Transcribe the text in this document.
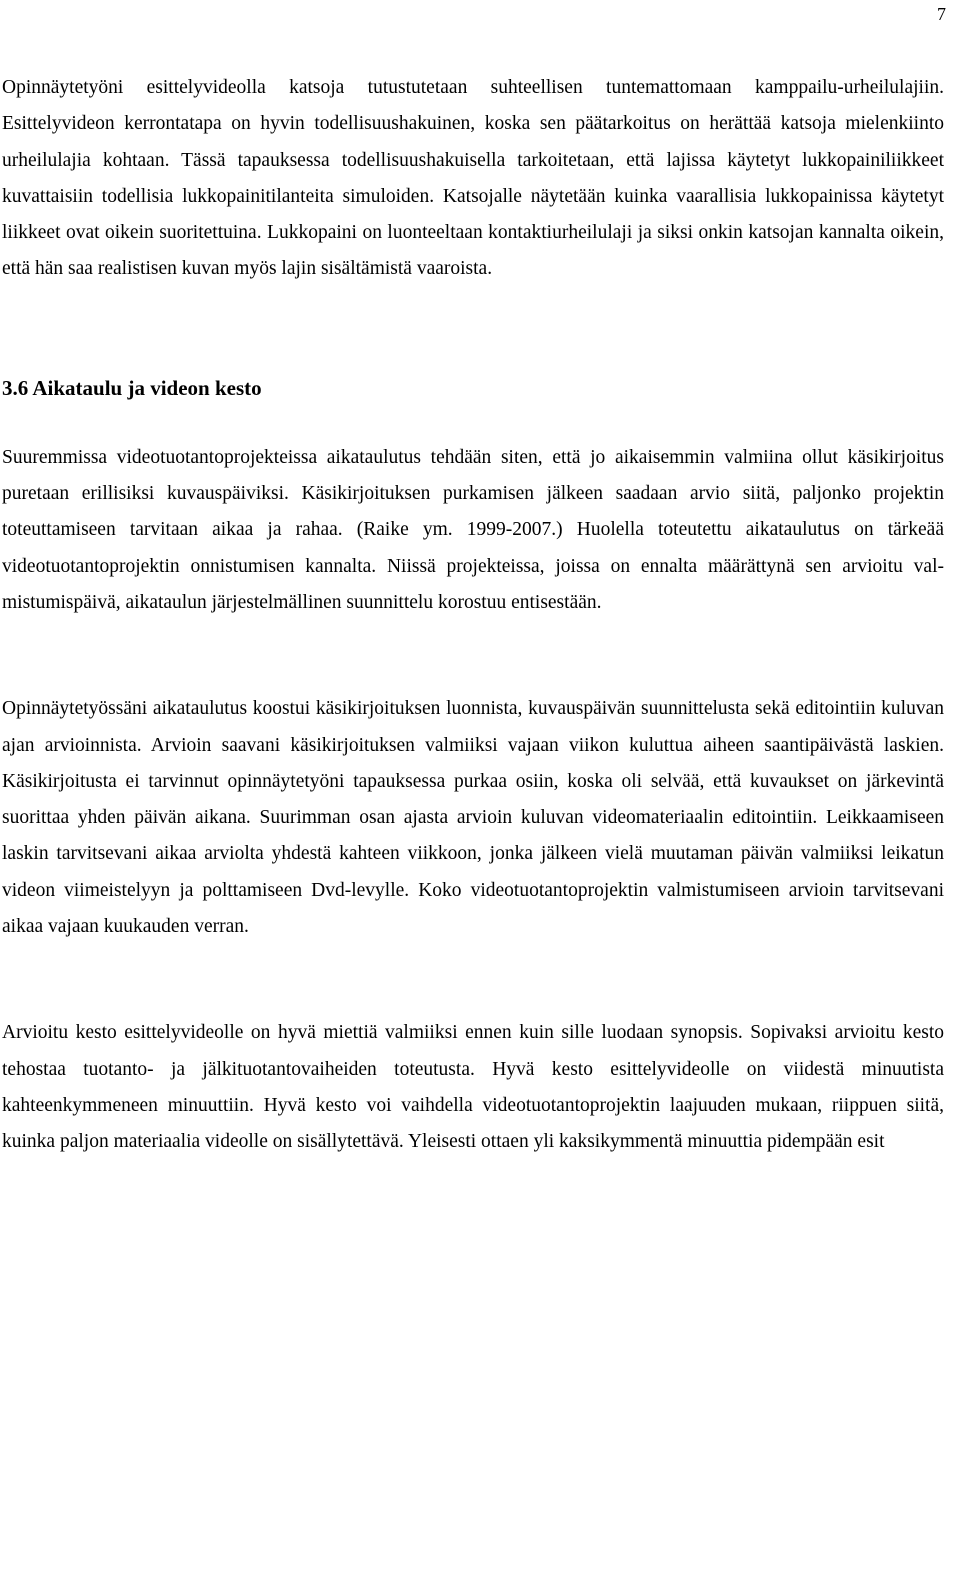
7

Opinnäytetyöni esittelyvideolla katsoja tutustutetaan suhteellisen tuntemattomaan kamppailu-urheilulajiin. Esittelyvideon kerrontatapa on hyvin todellisuushakuinen, koska sen päätarkoitus on herättää katsoja mielenkiinto urheilulajia kohtaan. Tässä tapauksessa todellisuushakuisella tarkoitetaan, että lajissa käytetyt lukkopainiliikkeet kuvattaisiin todellisia lukkopainitilanteita simuloiden. Katsojalle näytetään kuinka vaarallisia lukkopainissa käytetyt liikkeet ovat oikein suoritettuina. Lukkopaini on luonteeltaan kontaktiurheilulaji ja siksi onkin katsojan kannalta oikein, että hän saa realistisen kuvan myös lajin sisältämistä vaaroista.

3.6 Aikataulu ja videon kesto

Suuremmissa videotuotantoprojekteissa aikataulutus tehdään siten, että jo aikaisemmin valmiina ollut käsikirjoitus puretaan erillisiksi kuvauspäiviksi. Käsikirjoituksen purkamisen jälkeen saadaan arvio siitä, paljonko projektin toteuttamiseen tarvitaan aikaa ja rahaa. (Raike ym. 1999-2007.) Huolella toteutettu aikataulutus on tärkeää videotuotantoprojektin onnistumisen kannalta. Niissä projekteissa, joissa on ennalta määrättynä sen arvioitu valmistumispäivä, aikataulun järjestelmällinen suunnittelu korostuu entisestään.

Opinnäytetyössäni aikataulutus koostui käsikirjoituksen luonnista, kuvauspäivän suunnittelusta sekä editointiin kuluvan ajan arvioinnista. Arvioin saavani käsikirjoituksen valmiiksi vajaan viikon kuluttua aiheen saantipäivästä laskien. Käsikirjoitusta ei tarvinnut opinnäytetyöni tapauksessa purkaa osiin, koska oli selvää, että kuvaukset on järkevintä suorittaa yhden päivän aikana. Suurimman osan ajasta arvioin kuluvan videomateriaalin editointiin. Leikkaamiseen laskin tarvitsevani aikaa arviolta yhdestä kahteen viikkoon, jonka jälkeen vielä muutaman päivän valmiiksi leikatun videon viimeistelyyn ja polttamiseen Dvd-levylle. Koko videotuotantoprojektin valmistumiseen arvioin tarvitsevani aikaa vajaan kuukauden verran.

Arvioitu kesto esittelyvideolle on hyvä miettiä valmiiksi ennen kuin sille luodaan synopsis. Sopivaksi arvioitu kesto tehostaa tuotanto- ja jälkituotantovaiheiden toteutusta. Hyvä kesto esittelyvideolle on viidestä minuutista kahteenkymmeneen minuuttiin. Hyvä kesto voi vaihdella videotuotantoprojektin laajuuden mukaan, riippuen siitä, kuinka paljon materiaalia videolle on sisällytettävä. Yleisesti ottaen yli kaksikymmentä minuuttia pidempään esit
